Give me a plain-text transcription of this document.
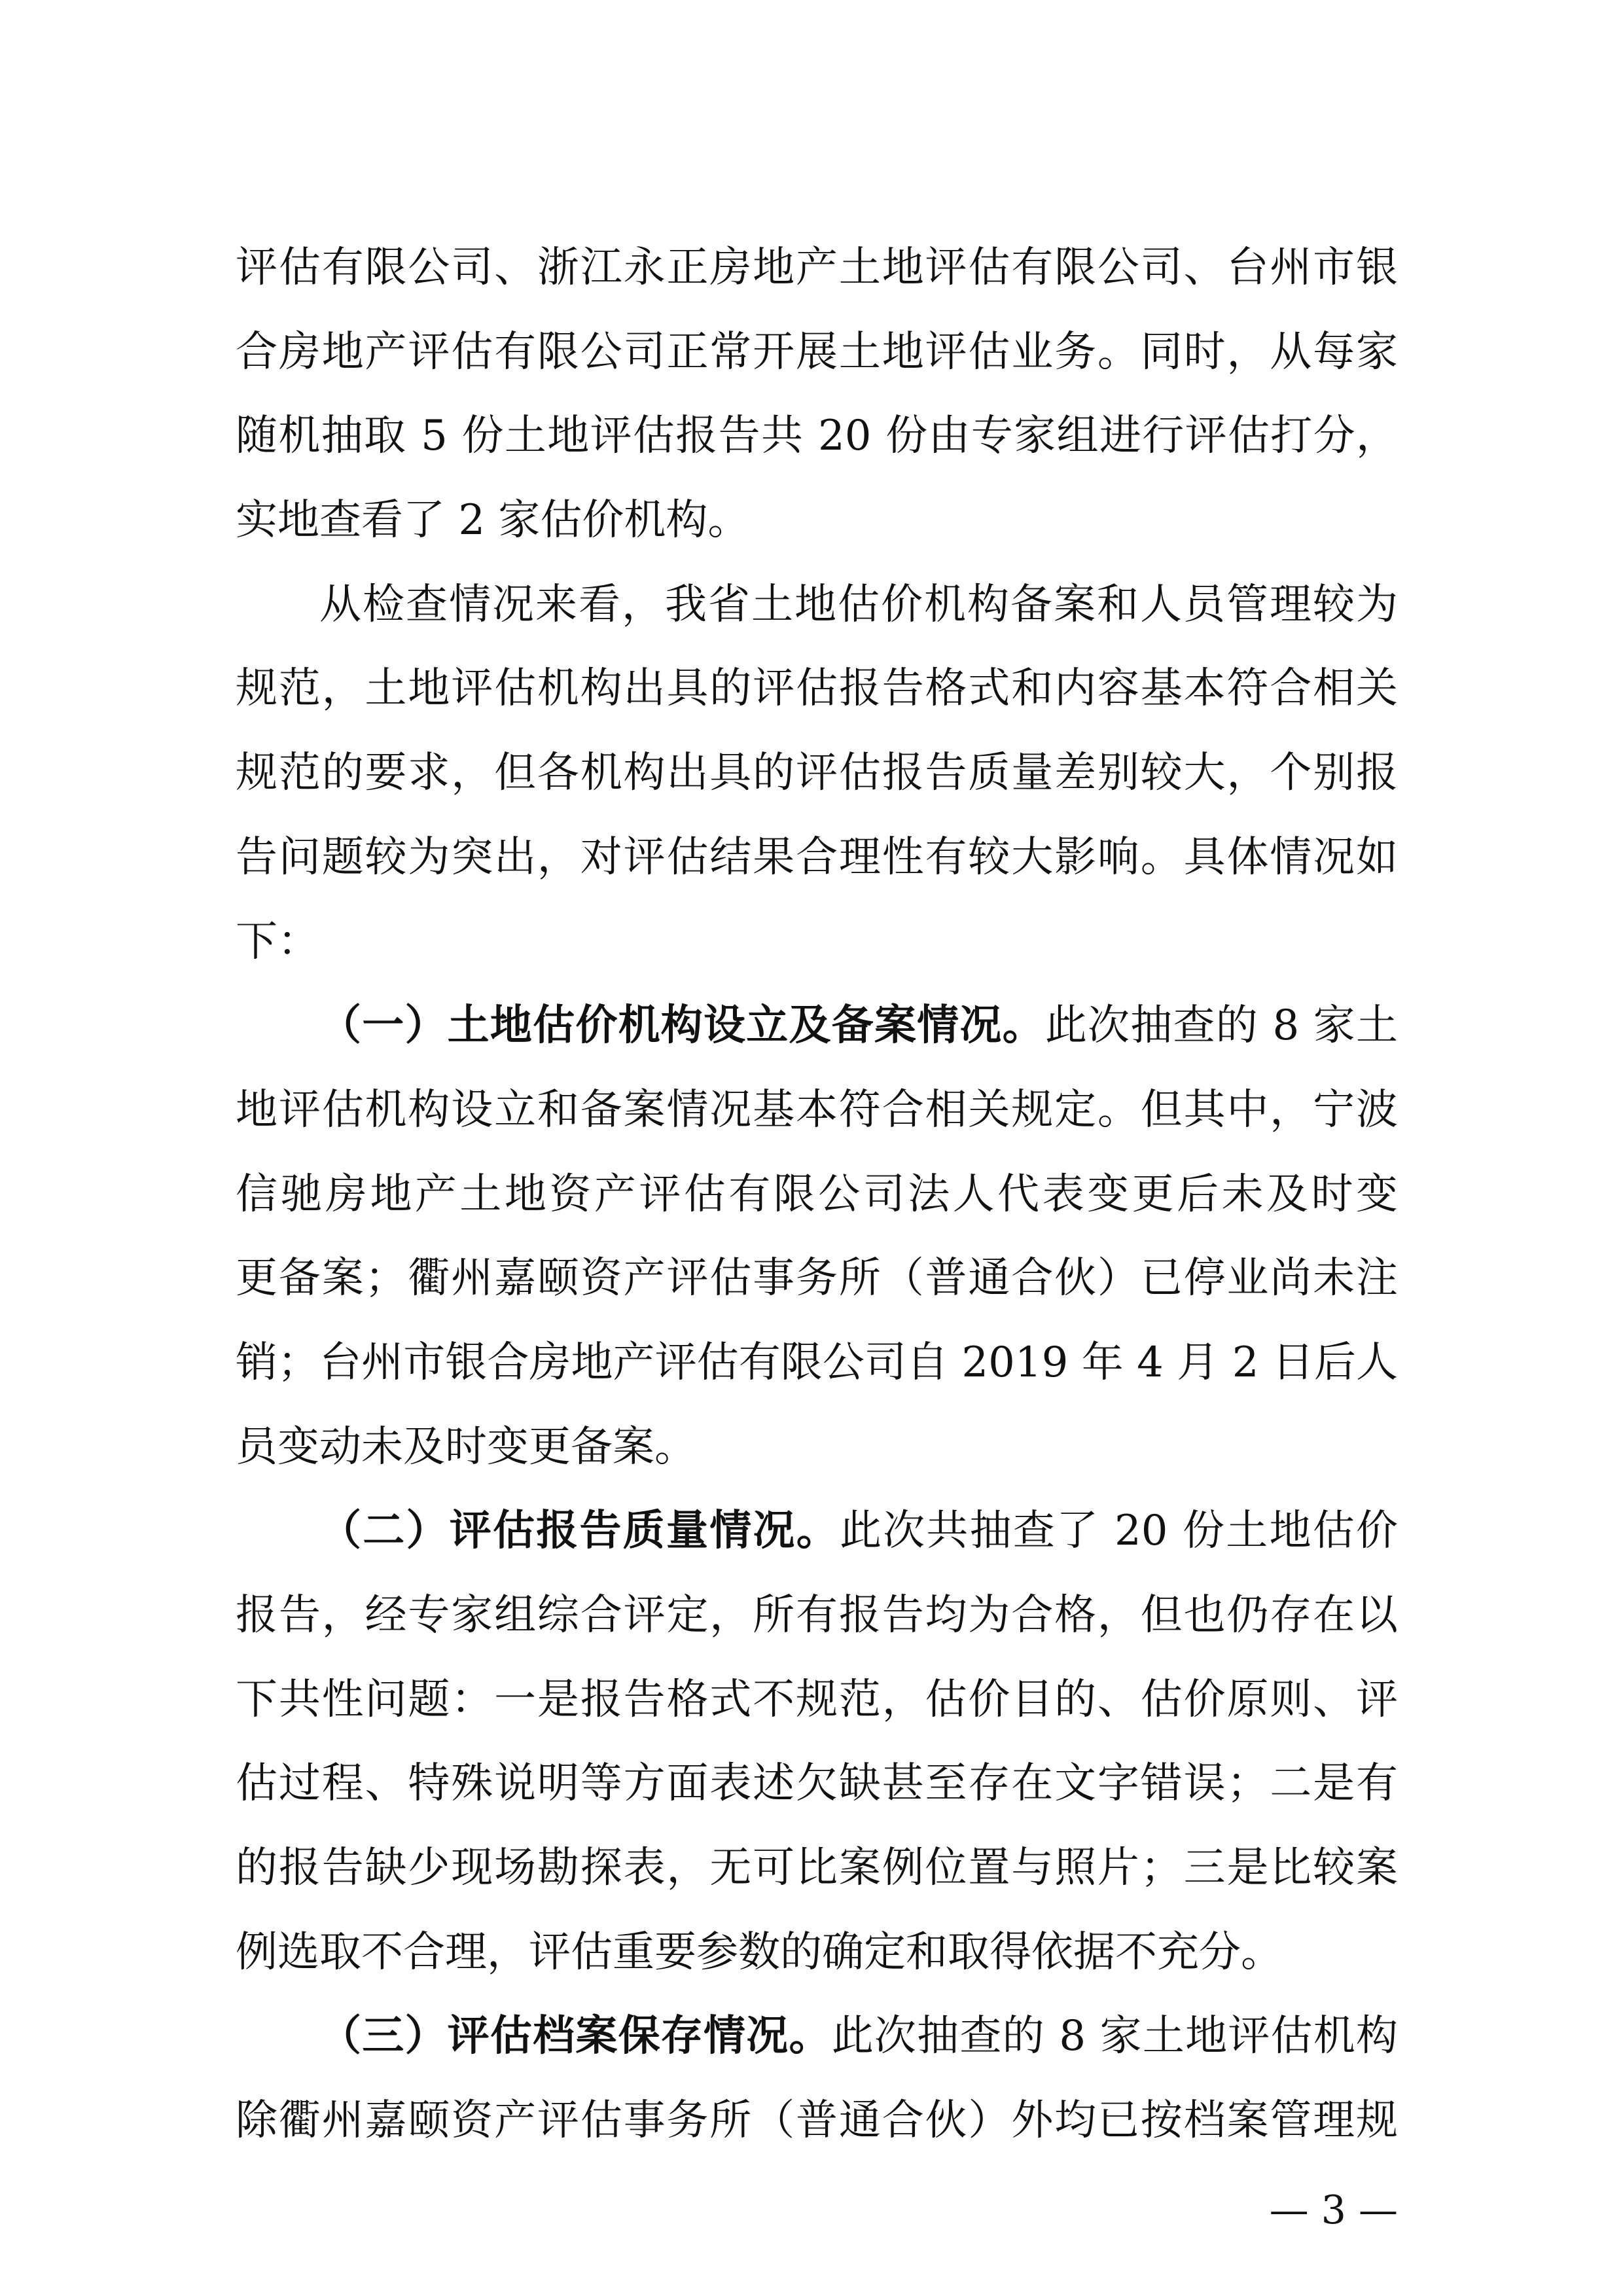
评估有限公司、浙江永正房地产土地评估有限公司、台州市银
合房地产评估有限公司正常开展土地评估业务。同时，从每家
随机抽取 5 份土地评估报告共 20 份由专家组进行评估打分，
实地查看了 2 家估价机构。
从检查情况来看，我省土地估价机构备案和人员管理较为
规范，土地评估机构出具的评估报告格式和内容基本符合相关
规范的要求，但各机构出具的评估报告质量差别较大，个别报
告问题较为突出，对评估结果合理性有较大影响。具体情况如
下：
（一）土地估价机构设立及备案情况。此次抽查的 8 家土
地评估机构设立和备案情况基本符合相关规定。但其中，宁波
信驰房地产土地资产评估有限公司法人代表变更后未及时变
更备案；衢州嘉颐资产评估事务所（普通合伙）已停业尚未注
销；台州市银合房地产评估有限公司自 2019 年 4 月 2 日后人
员变动未及时变更备案。
（二）评估报告质量情况。此次共抽查了 20 份土地估价
报告，经专家组综合评定，所有报告均为合格，但也仍存在以
下共性问题：一是报告格式不规范，估价目的、估价原则、评
估过程、特殊说明等方面表述欠缺甚至存在文字错误；二是有
的报告缺少现场勘探表，无可比案例位置与照片；三是比较案
例选取不合理，评估重要参数的确定和取得依据不充分。
（三）评估档案保存情况。此次抽查的 8 家土地评估机构
除衢州嘉颐资产评估事务所（普通合伙）外均已按档案管理规
— 3 —
